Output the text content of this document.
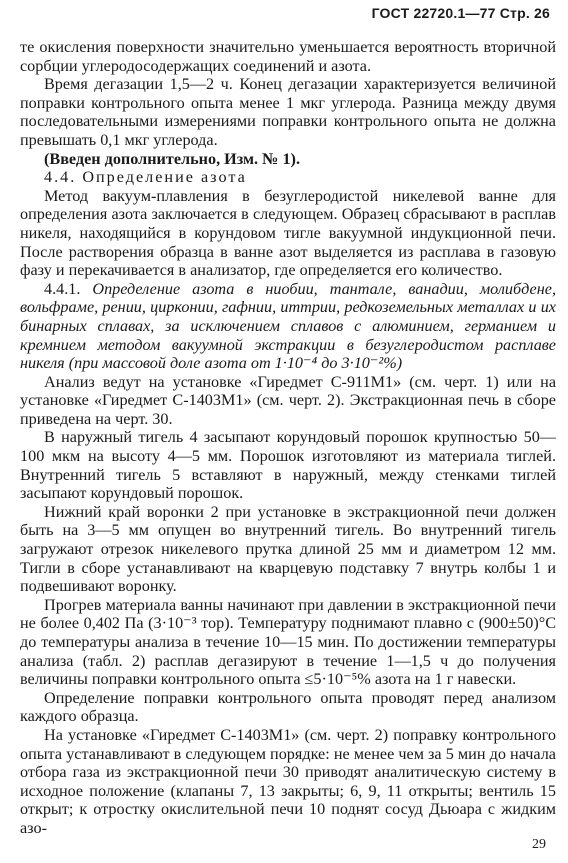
ГОСТ 22720.1—77 Стр. 26

те окисления поверхности значительно уменьшается вероятность вторичной сорбции углеродосодержащих соединений и азота.

Время дегазации 1,5—2 ч. Конец дегазации характеризуется величиной поправки контрольного опыта менее 1 мкг углерода. Разница между двумя последовательными измерениями поправки контрольного опыта не должна превышать 0,1 мкг углерода.

(Введен дополнительно, Изм. № 1).

4.4. Определение азота

Метод вакуум-плавления в безуглеродистой никелевой ванне для определения азота заключается в следующем. Образец сбрасывают в расплав никеля, находящийся в корундовом тигле вакуумной индукционной печи. После растворения образца в ванне азот выделяется из расплава в газовую фазу и перекачивается в анализатор, где определяется его количество.

4.4.1. Определение азота в ниобии, тантале, ванадии, молибдене, вольфраме, рении, цирконии, гафнии, иттрии, редкоземельных металлах и их бинарных сплавах, за исключением сплавов с алюминием, германием и кремнием методом вакуумной экстракции в безуглеродистом расплаве никеля (при массовой доле азота от 1·10⁻⁴ до 3·10⁻²%)

Анализ ведут на установке «Гиредмет С-911М1» (см. черт. 1) или на установке «Гиредмет С-1403М1» (см. черт. 2). Экстракционная печь в сборе приведена на черт. 30.

В наружный тигель 4 засыпают корундовый порошок крупностью 50—100 мкм на высоту 4—5 мм. Порошок изготовляют из материала тиглей. Внутренний тигель 5 вставляют в наружный, между стенками тиглей засыпают корундовый порошок.

Нижний край воронки 2 при установке в экстракционной печи должен быть на 3—5 мм опущен во внутренний тигель. Во внутренний тигель загружают отрезок никелевого прутка длиной 25 мм и диаметром 12 мм. Тигли в сборе устанавливают на кварцевую подставку 7 внутрь колбы 1 и подвешивают воронку.

Прогрев материала ванны начинают при давлении в экстракционной печи не более 0,402 Па (3·10⁻³ тор). Температуру поднимают плавно с (900±50)°С до температуры анализа в течение 10—15 мин. По достижении температуры анализа (табл. 2) расплав дегазируют в течение 1—1,5 ч до получения величины поправки контрольного опыта ≤5·10⁻⁵% азота на 1 г навески.

Определение поправки контрольного опыта проводят перед анализом каждого образца.

На установке «Гиредмет С-1403М1» (см. черт. 2) поправку контрольного опыта устанавливают в следующем порядке: не менее чем за 5 мин до начала отбора газа из экстракционной печи 30 приводят аналитическую систему в исходное положение (клапаны 7, 13 закрыты; 6, 9, 11 открыты; вентиль 15 открыт; к отростку окислительной печи 10 поднят сосуд Дьюара с жидким азо-

29
